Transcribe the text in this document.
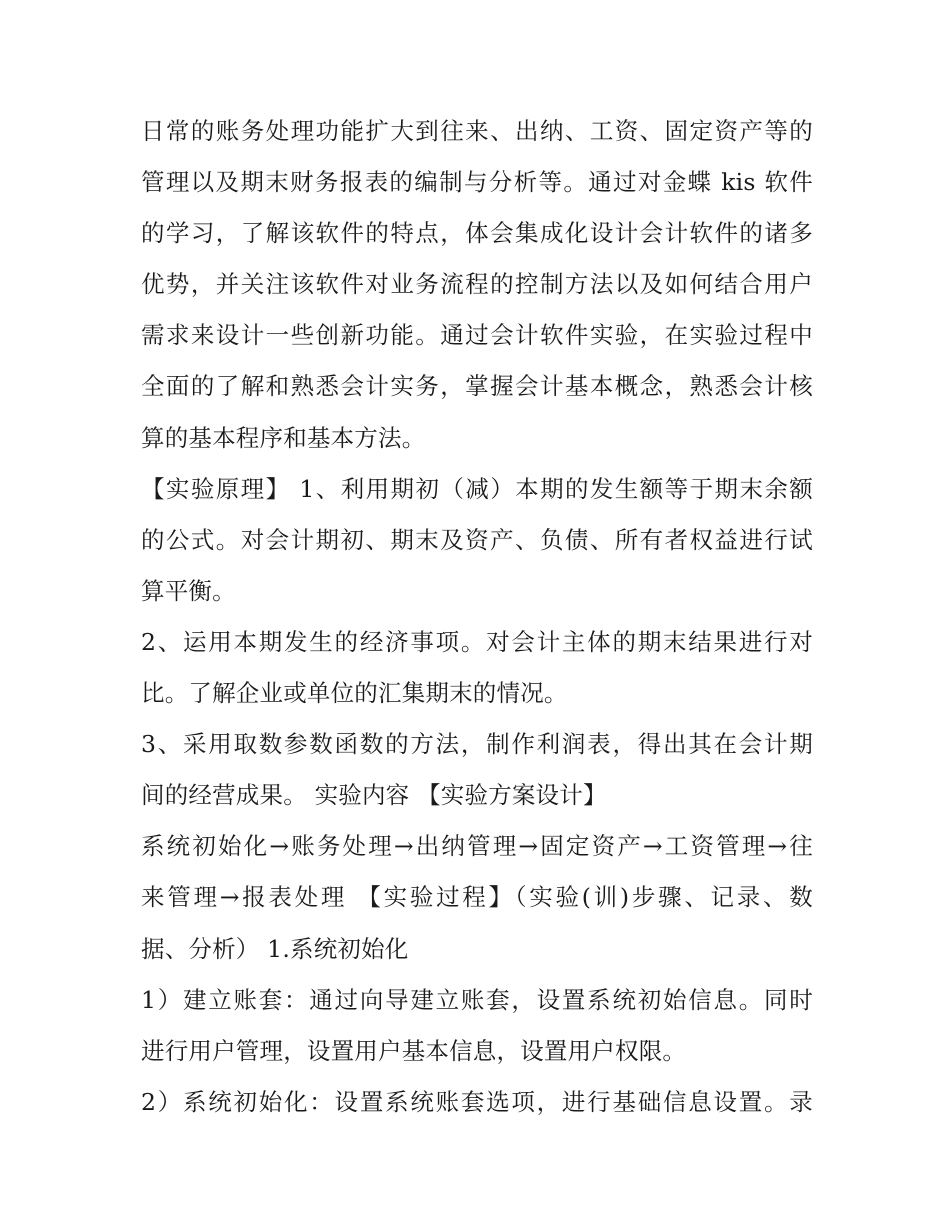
日常的账务处理功能扩大到往来、出纳、工资、固定资产等的
管理以及期末财务报表的编制与分析等。通过对金蝶 kis 软件
的学习，了解该软件的特点，体会集成化设计会计软件的诸多
优势，并关注该软件对业务流程的控制方法以及如何结合用户
需求来设计一些创新功能。通过会计软件实验，在实验过程中
全面的了解和熟悉会计实务，掌握会计基本概念，熟悉会计核
算的基本程序和基本方法。
【实验原理】 1、利用期初（减）本期的发生额等于期末余额
的公式。对会计期初、期末及资产、负债、所有者权益进行试
算平衡。
2、运用本期发生的经济事项。对会计主体的期末结果进行对
比。了解企业或单位的汇集期末的情况。
3、采用取数参数函数的方法，制作利润表，得出其在会计期
间的经营成果。 实验内容 【实验方案设计】
系统初始化→账务处理→出纳管理→固定资产→工资管理→往
来管理→报表处理 【实验过程】（实验(训)步骤、记录、数
据、分析） 1.系统初始化
1）建立账套：通过向导建立账套，设置系统初始信息。同时
进行用户管理，设置用户基本信息，设置用户权限。
2）系统初始化：设置系统账套选项，进行基础信息设置。录
